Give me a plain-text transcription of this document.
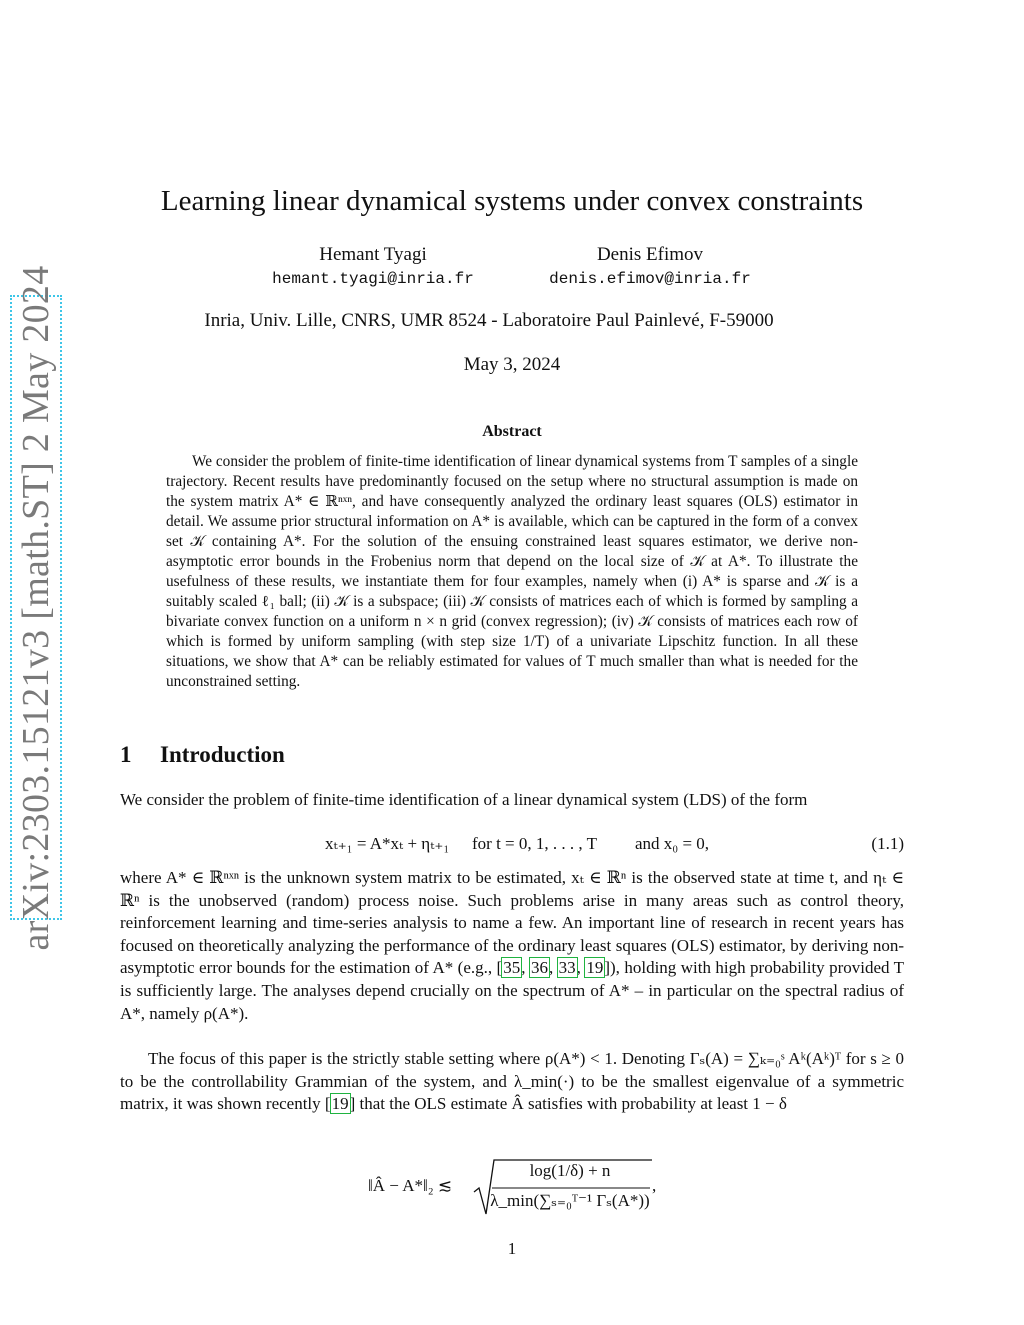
arXiv:2303.15121v3 [math.ST] 2 May 2024
Learning linear dynamical systems under convex constraints
Hemant Tyagi
hemant.tyagi@inria.fr
Denis Efimov
denis.efimov@inria.fr
Inria, Univ. Lille, CNRS, UMR 8524 - Laboratoire Paul Painlevé, F-59000
May 3, 2024
Abstract
We consider the problem of finite-time identification of linear dynamical systems from T samples of a single trajectory. Recent results have predominantly focused on the setup where no structural assumption is made on the system matrix A* ∈ ℝⁿˣⁿ, and have consequently analyzed the ordinary least squares (OLS) estimator in detail. We assume prior structural information on A* is available, which can be captured in the form of a convex set 𝒦 containing A*. For the solution of the ensuing constrained least squares estimator, we derive non-asymptotic error bounds in the Frobenius norm that depend on the local size of 𝒦 at A*. To illustrate the usefulness of these results, we instantiate them for four examples, namely when (i) A* is sparse and 𝒦 is a suitably scaled ℓ₁ ball; (ii) 𝒦 is a subspace; (iii) 𝒦 consists of matrices each of which is formed by sampling a bivariate convex function on a uniform n × n grid (convex regression); (iv) 𝒦 consists of matrices each row of which is formed by uniform sampling (with step size 1/T) of a univariate Lipschitz function. In all these situations, we show that A* can be reliably estimated for values of T much smaller than what is needed for the unconstrained setting.
1 Introduction
We consider the problem of finite-time identification of a linear dynamical system (LDS) of the form
xₜ₊₁ = A*xₜ + ηₜ₊₁ for t = 0, 1, . . . , T and x₀ = 0,	(1.1)
where A* ∈ ℝⁿˣⁿ is the unknown system matrix to be estimated, xₜ ∈ ℝⁿ is the observed state at time t, and ηₜ ∈ ℝⁿ is the unobserved (random) process noise. Such problems arise in many areas such as control theory, reinforcement learning and time-series analysis to name a few. An important line of research in recent years has focused on theoretically analyzing the performance of the ordinary least squares (OLS) estimator, by deriving non-asymptotic error bounds for the estimation of A* (e.g., [35, 36, 33, 19]), holding with high probability provided T is sufficiently large. The analyses depend crucially on the spectrum of A* – in particular on the spectral radius of A*, namely ρ(A*).
The focus of this paper is the strictly stable setting where ρ(A*) < 1. Denoting Γₛ(A) = ∑ₖ₌₀ˢ Aᵏ(Aᵏ)ᵀ for s ≥ 0 to be the controllability Grammian of the system, and λ_min(·) to be the smallest eigenvalue of a symmetric matrix, it was shown recently [19] that the OLS estimate Â satisfies with probability at least 1 − δ
‖Â − A*‖₂ ≲
log(1/δ) + n
λ_min(∑ₛ₌₀ᵀ⁻¹ Γₛ(A*))
,
1
